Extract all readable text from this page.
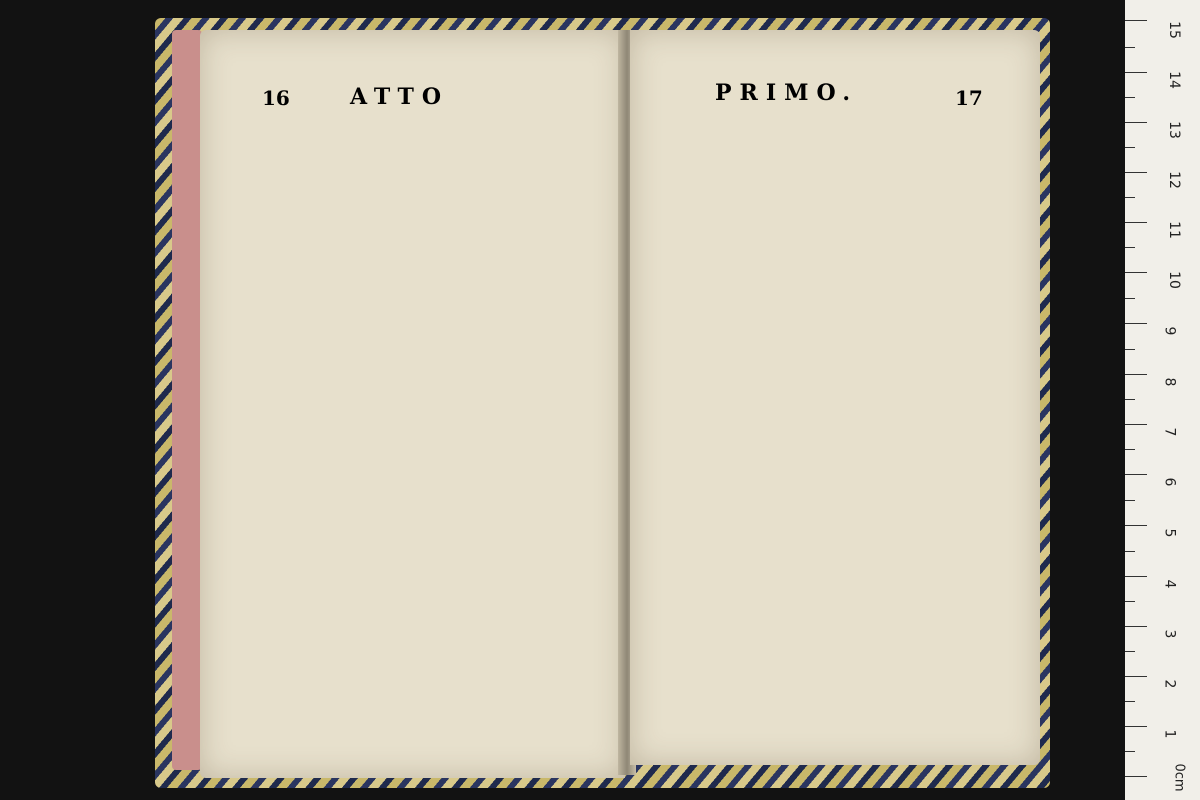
16	ATTO	PRIMO.	17
15
14
13
12
11
10
9
8
7
6
5
4
3
2
1
0cm
